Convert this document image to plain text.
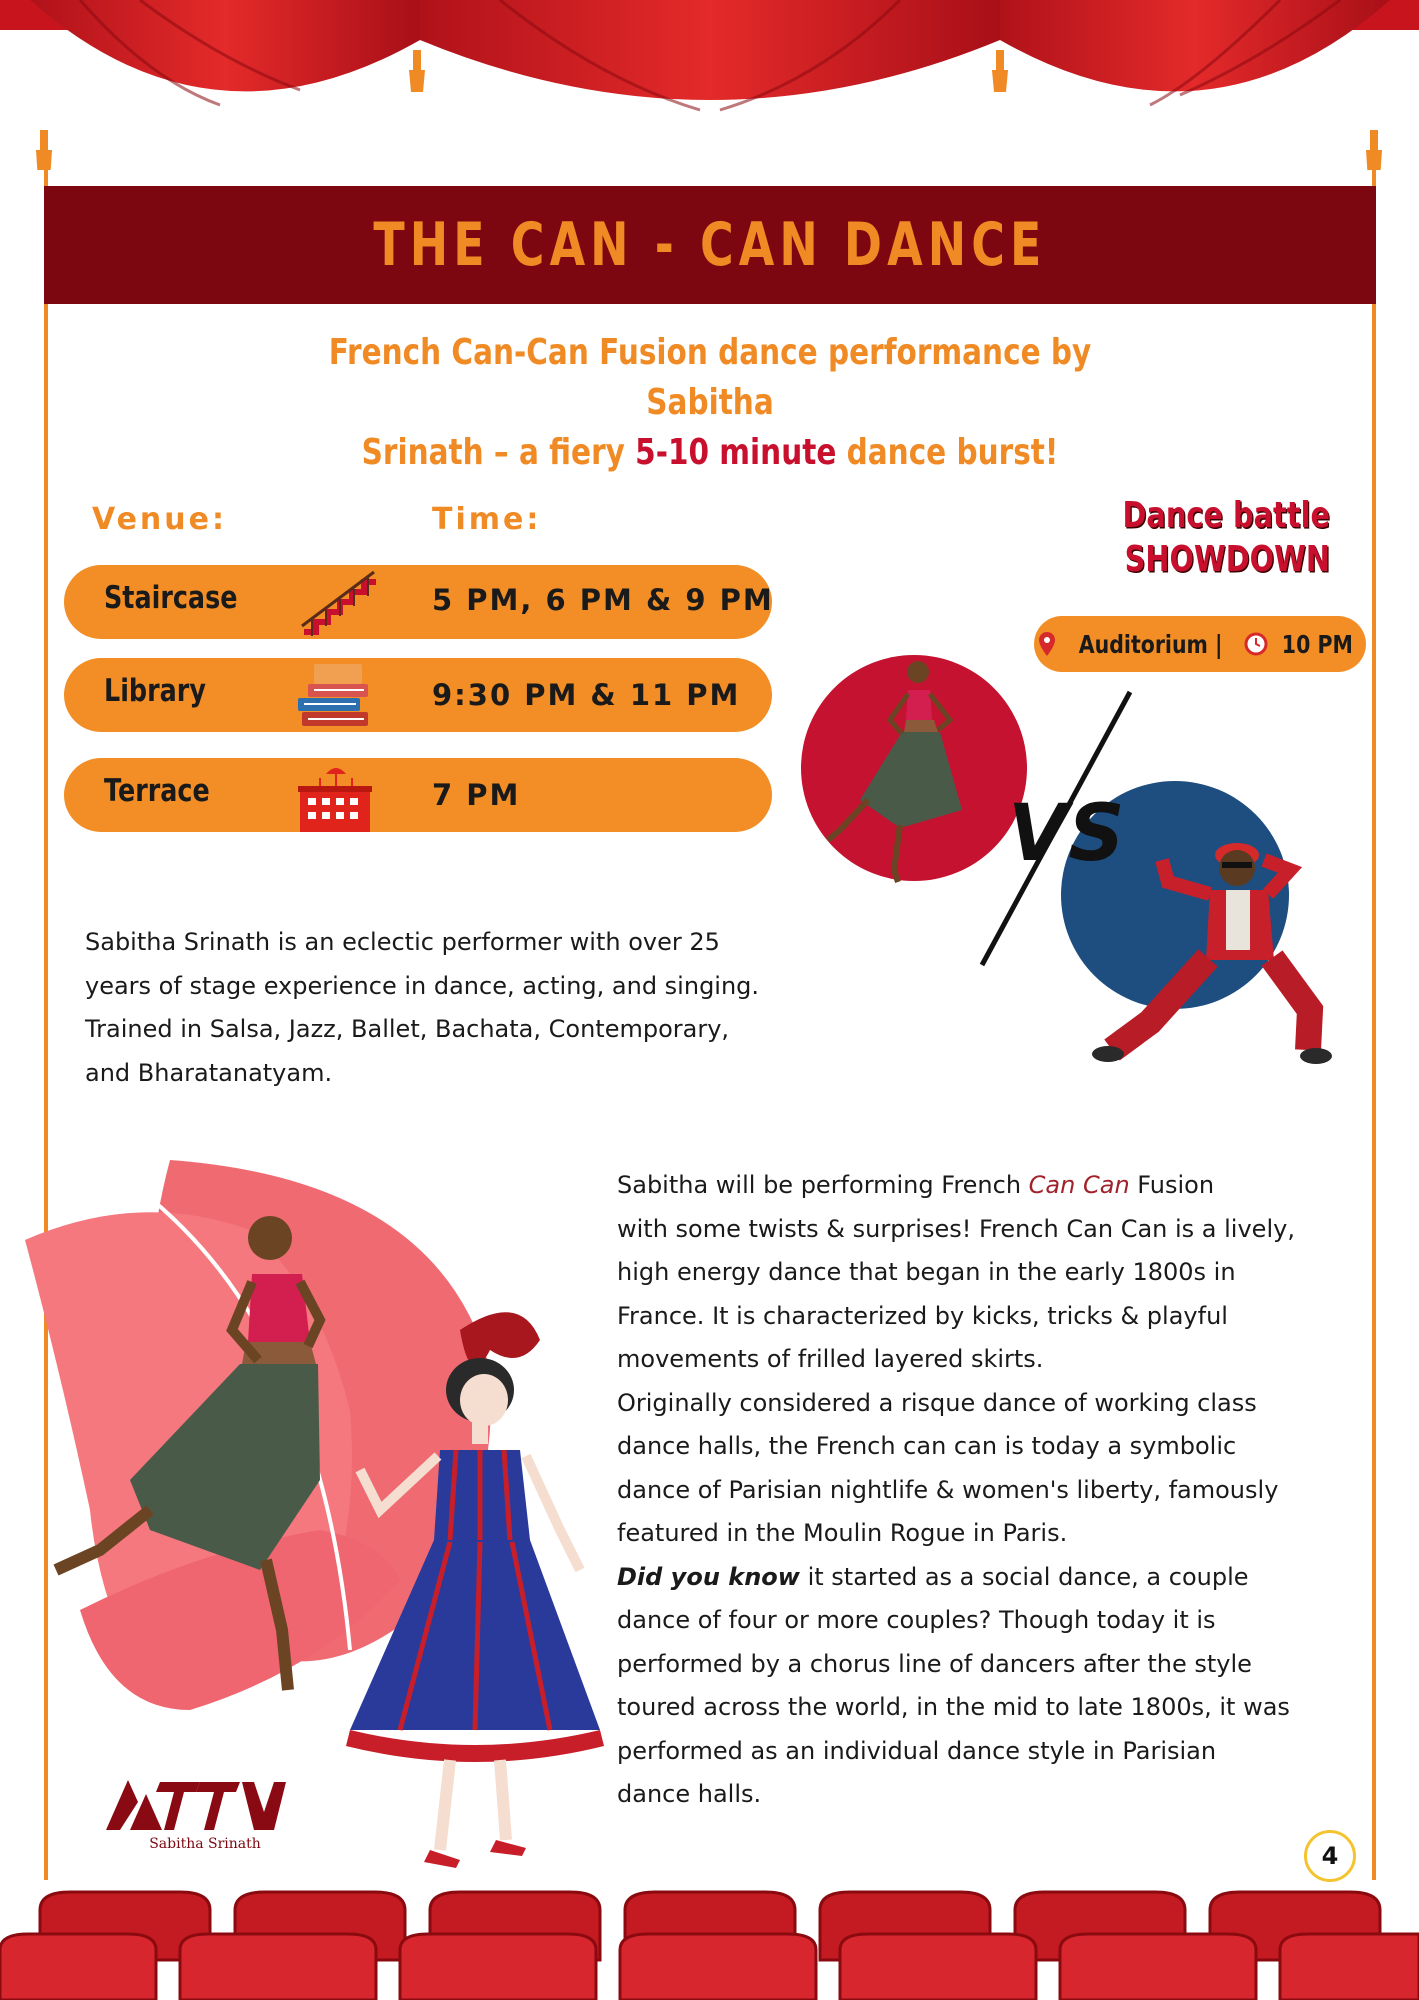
THE CAN - CAN DANCE
French Can-Can Fusion dance performance by Sabitha
Srinath – a fiery 5-10 minute dance burst!
Venue:	Time:
Staircase	5 PM, 6 PM & 9 PM
Library	9:30 PM & 11 PM
Terrace	7 PM
Dance battle
SHOWDOWN
Auditorium | 10 PM
VS
Sabitha Srinath is an eclectic performer with over 25
years of stage experience in dance, acting, and singing.
Trained in Salsa, Jazz, Ballet, Bachata, Contemporary,
and Bharatanatyam.
Sabitha will be performing French Can Can Fusion
with some twists & surprises! French Can Can is a lively,
high energy dance that began in the early 1800s in
France. It is characterized by kicks, tricks & playful
movements of frilled layered skirts.
Originally considered a risque dance of working class
dance halls, the French can can is today a symbolic
dance of Parisian nightlife & women's liberty, famously
featured in the Moulin Rogue in Paris.
Did you know it started as a social dance, a couple
dance of four or more couples? Though today it is
performed by a chorus line of dancers after the style
toured across the world, in the mid to late 1800s, it was
performed as an individual dance style in Parisian
dance halls.
Sabitha Srinath	4
